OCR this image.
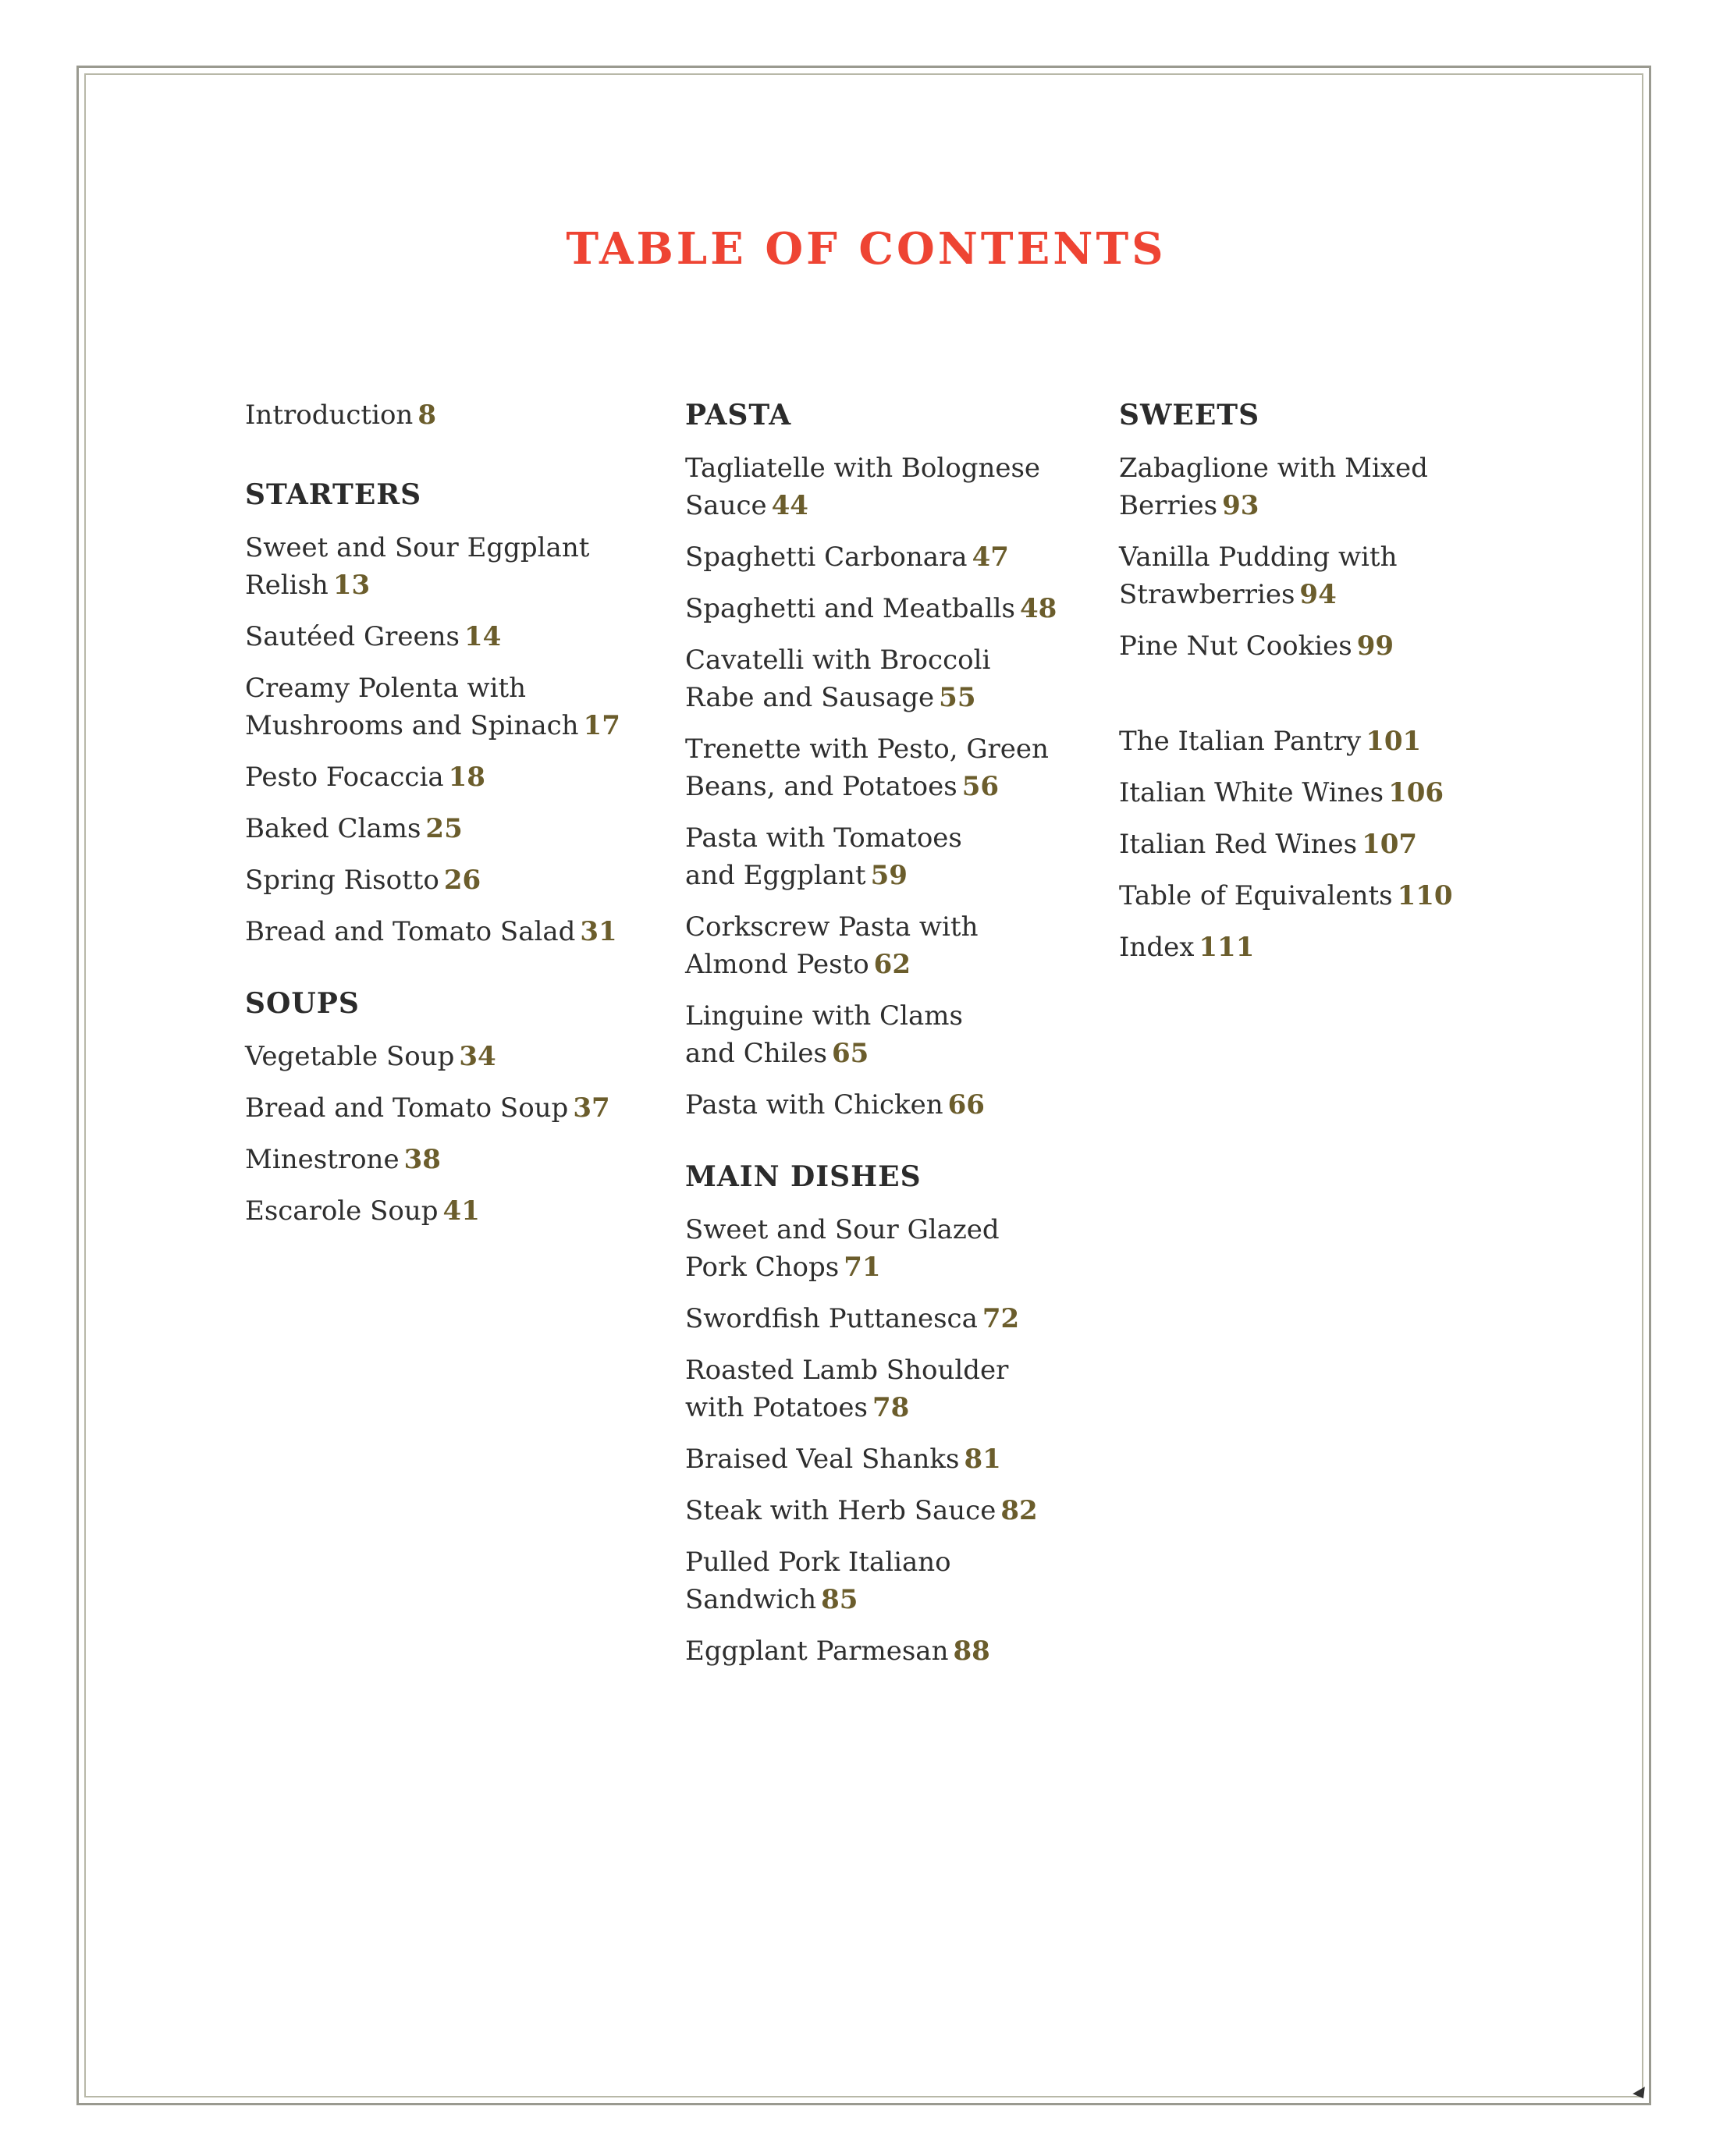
TABLE OF CONTENTS
Introduction 8
STARTERS
Sweet and Sour Eggplant
Relish 13
Sautéed Greens 14
Creamy Polenta with
Mushrooms and Spinach 17
Pesto Focaccia 18
Baked Clams 25
Spring Risotto 26
Bread and Tomato Salad 31
SOUPS
Vegetable Soup 34
Bread and Tomato Soup 37
Minestrone 38
Escarole Soup 41
PASTA
Tagliatelle with Bolognese
Sauce 44
Spaghetti Carbonara 47
Spaghetti and Meatballs 48
Cavatelli with Broccoli
Rabe and Sausage 55
Trenette with Pesto, Green
Beans, and Potatoes 56
Pasta with Tomatoes
and Eggplant 59
Corkscrew Pasta with
Almond Pesto 62
Linguine with Clams
and Chiles 65
Pasta with Chicken 66
MAIN DISHES
Sweet and Sour Glazed
Pork Chops 71
Swordfish Puttanesca 72
Roasted Lamb Shoulder
with Potatoes 78
Braised Veal Shanks 81
Steak with Herb Sauce 82
Pulled Pork Italiano
Sandwich 85
Eggplant Parmesan 88
SWEETS
Zabaglione with Mixed
Berries 93
Vanilla Pudding with
Strawberries 94
Pine Nut Cookies 99
The Italian Pantry 101
Italian White Wines 106
Italian Red Wines 107
Table of Equivalents 110
Index 111
